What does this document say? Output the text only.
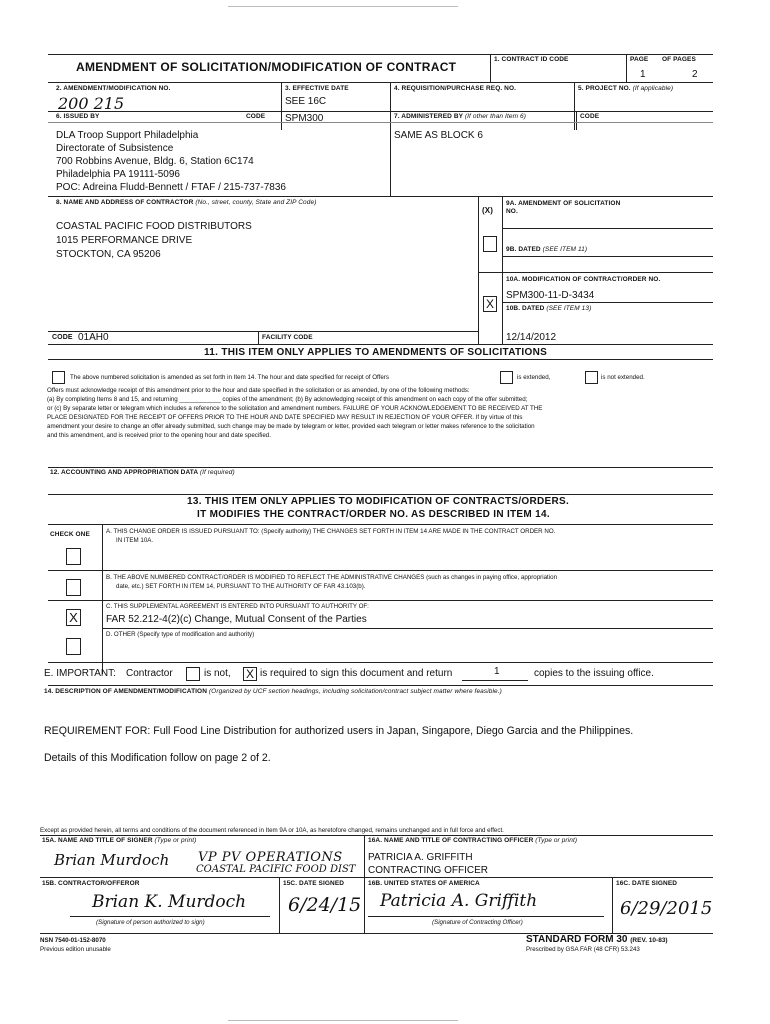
AMENDMENT OF SOLICITATION/MODIFICATION OF CONTRACT
1. CONTRACT ID CODE	PAGE OF PAGES
1	2
2. AMENDMENT/MODIFICATION NO.
200 215
3. EFFECTIVE DATE
SEE 16C
4. REQUISITION/PURCHASE REQ. NO.	5. PROJECT NO. (If applicable)
6. ISSUED BY	CODE SPM300	7. ADMINISTERED BY (If other than Item 6)	CODE
DLA Troop Support Philadelphia
Directorate of Subsistence
700 Robbins Avenue, Bldg. 6, Station 6C174
Philadelphia PA 19111-5096
POC: Adreina Fludd-Bennett / FTAF / 215-737-7836
SAME AS BLOCK 6
8. NAME AND ADDRESS OF CONTRACTOR (No., street, county, State and ZIP Code)
(X)
COASTAL PACIFIC FOOD DISTRIBUTORS
1015 PERFORMANCE DRIVE
STOCKTON, CA 95206
9A. AMENDMENT OF SOLICITATION
NO.
9B. DATED (SEE ITEM 11)
10A. MODIFICATION OF CONTRACT/ORDER NO.
SPM300-11-D-3434
X	10B. DATED (SEE ITEM 13)
12/14/2012
CODE 01AH0	FACILITY CODE
11. THIS ITEM ONLY APPLIES TO AMENDMENTS OF SOLICITATIONS
The above numbered solicitation is amended as set forth in Item 14. The hour and date specified for receipt of Offers	is extended,	is not extended.
Offers must acknowledge receipt of this amendment prior to the hour and date specified in the solicitation or as amended, by one of the following methods:
(a) By completing Items 8 and 15, and returning ____________ copies of the amendment; (b) By acknowledging receipt of this amendment on each copy of the offer submitted;
or (c) By separate letter or telegram which includes a reference to the solicitation and amendment numbers. FAILURE OF YOUR ACKNOWLEDGEMENT TO BE RECEIVED AT THE
PLACE DESIGNATED FOR THE RECEIPT OF OFFERS PRIOR TO THE HOUR AND DATE SPECIFIED MAY RESULT IN REJECTION OF YOUR OFFER. If by virtue of this
amendment your desire to change an offer already submitted, such change may be made by telegram or letter, provided each telegram or letter makes reference to the solicitation
and this amendment, and is received prior to the opening hour and date specified.
12. ACCOUNTING AND APPROPRIATION DATA (If required)
13. THIS ITEM ONLY APPLIES TO MODIFICATION OF CONTRACTS/ORDERS.
IT MODIFIES THE CONTRACT/ORDER NO. AS DESCRIBED IN ITEM 14.
CHECK ONE	A. THIS CHANGE ORDER IS ISSUED PURSUANT TO: (Specify authority) THE CHANGES SET FORTH IN ITEM 14 ARE MADE IN THE CONTRACT ORDER NO.
IN ITEM 10A.
B. THE ABOVE NUMBERED CONTRACT/ORDER IS MODIFIED TO REFLECT THE ADMINISTRATIVE CHANGES (such as changes in paying office, appropriation
date, etc.) SET FORTH IN ITEM 14, PURSUANT TO THE AUTHORITY OF FAR 43.103(b).
C. THIS SUPPLEMENTAL AGREEMENT IS ENTERED INTO PURSUANT TO AUTHORITY OF:
FAR 52.212-4(2)(c) Change, Mutual Consent of the Parties
X
D. OTHER (Specify type of modification and authority)
E. IMPORTANT: Contractor	is not, X is required to sign this document and return	1	copies to the issuing office.
14. DESCRIPTION OF AMENDMENT/MODIFICATION (Organized by UCF section headings, including solicitation/contract subject matter where feasible.)
REQUIREMENT FOR: Full Food Line Distribution for authorized users in Japan, Singapore, Diego Garcia and the Philippines.
Details of this Modification follow on page 2 of 2.
Except as provided herein, all terms and conditions of the document referenced in Item 9A or 10A, as heretofore changed, remains unchanged and in full force and effect.
15A. NAME AND TITLE OF SIGNER (Type or print)	16A. NAME AND TITLE OF CONTRACTING OFFICER (Type or print)
Brian Murdoch VP PV OPERATIONS
COASTAL PACIFIC FOOD DIST
PATRICIA A. GRIFFITH
CONTRACTING OFFICER
15B. CONTRACTOR/OFFEROR	15C. DATE SIGNED	16B. UNITED STATES OF AMERICA	16C. DATE SIGNED
Brian K. Murdoch
(Signature of person authorized to sign)
6/24/15 Patricia A. Griffith
(Signature of Contracting Officer)
6/29/2015
NSN 7540-01-152-8070
Previous edition unusable
STANDARD FORM 30 (REV. 10-83)
Prescribed by GSA FAR (48 CFR) 53.243
